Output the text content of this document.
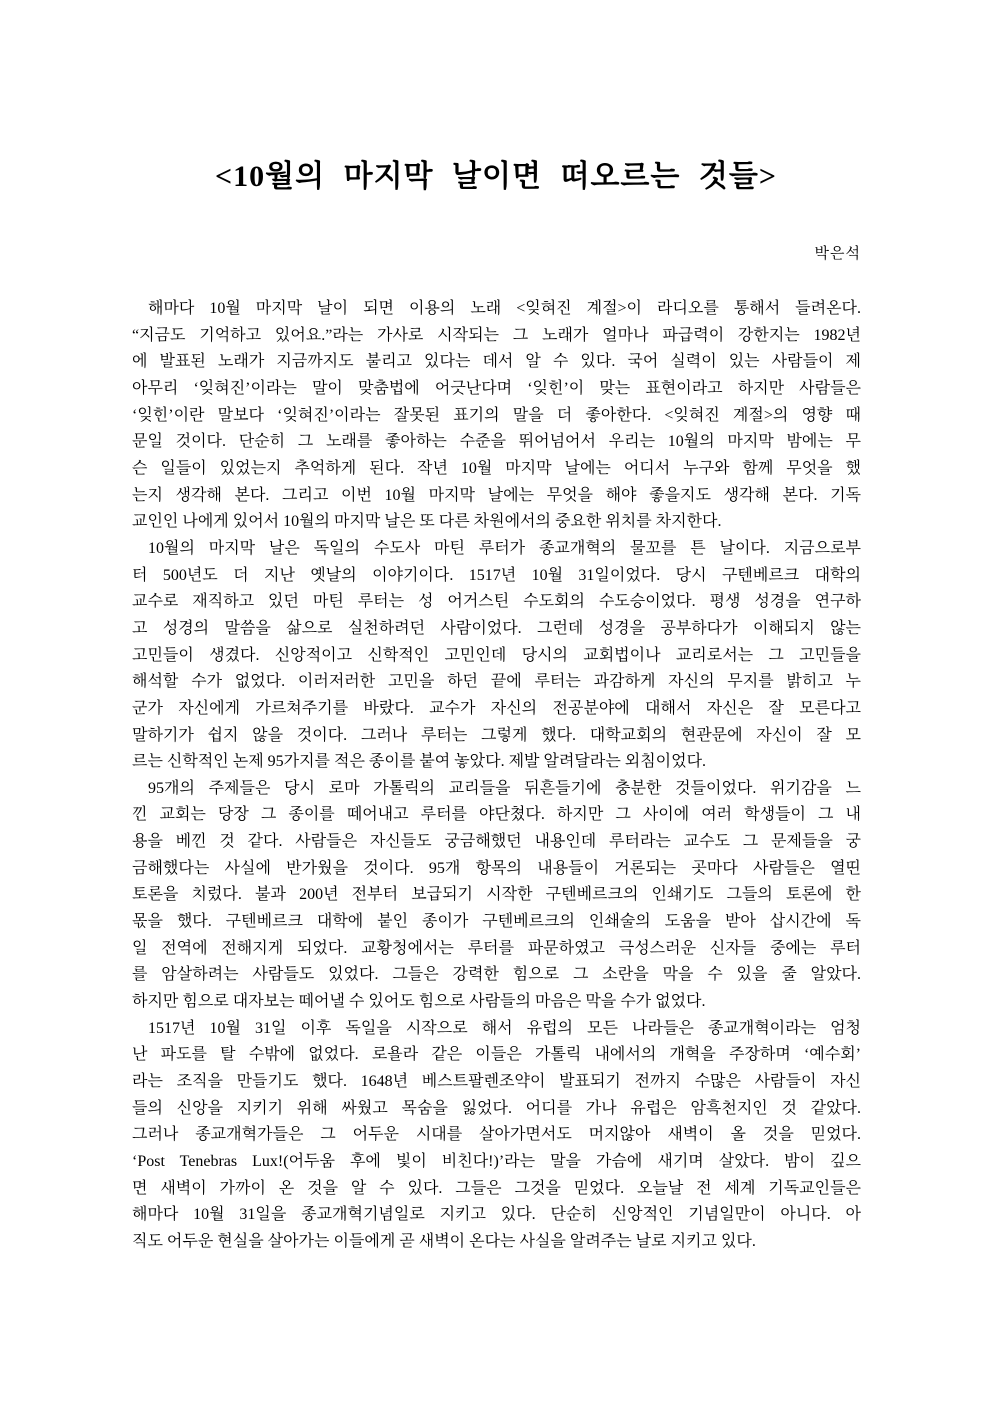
<10월의 마지막 날이면 떠오르는 것들>
박은석
해마다 10월 마지막 날이 되면 이용의 노래 <잊혀진 계절>이 라디오를 통해서 들려온다.
“지금도 기억하고 있어요.”라는 가사로 시작되는 그 노래가 얼마나 파급력이 강한지는 1982년
에 발표된 노래가 지금까지도 불리고 있다는 데서 알 수 있다. 국어 실력이 있는 사람들이 제
아무리 ‘잊혀진’이라는 말이 맞춤법에 어긋난다며 ‘잊힌’이 맞는 표현이라고 하지만 사람들은
‘잊힌’이란 말보다 ‘잊혀진’이라는 잘못된 표기의 말을 더 좋아한다. <잊혀진 계절>의 영향 때
문일 것이다. 단순히 그 노래를 좋아하는 수준을 뛰어넘어서 우리는 10월의 마지막 밤에는 무
슨 일들이 있었는지 추억하게 된다. 작년 10월 마지막 날에는 어디서 누구와 함께 무엇을 했
는지 생각해 본다. 그리고 이번 10월 마지막 날에는 무엇을 해야 좋을지도 생각해 본다. 기독
교인인 나에게 있어서 10월의 마지막 날은 또 다른 차원에서의 중요한 위치를 차지한다.
10월의 마지막 날은 독일의 수도사 마틴 루터가 종교개혁의 물꼬를 튼 날이다. 지금으로부
터 500년도 더 지난 옛날의 이야기이다. 1517년 10월 31일이었다. 당시 구텐베르크 대학의
교수로 재직하고 있던 마틴 루터는 성 어거스틴 수도회의 수도승이었다. 평생 성경을 연구하
고 성경의 말씀을 삶으로 실천하려던 사람이었다. 그런데 성경을 공부하다가 이해되지 않는
고민들이 생겼다. 신앙적이고 신학적인 고민인데 당시의 교회법이나 교리로서는 그 고민들을
해석할 수가 없었다. 이러저러한 고민을 하던 끝에 루터는 과감하게 자신의 무지를 밝히고 누
군가 자신에게 가르쳐주기를 바랐다. 교수가 자신의 전공분야에 대해서 자신은 잘 모른다고
말하기가 쉽지 않을 것이다. 그러나 루터는 그렇게 했다. 대학교회의 현관문에 자신이 잘 모
르는 신학적인 논제 95가지를 적은 종이를 붙여 놓았다. 제발 알려달라는 외침이었다.
95개의 주제들은 당시 로마 가톨릭의 교리들을 뒤흔들기에 충분한 것들이었다. 위기감을 느
낀 교회는 당장 그 종이를 떼어내고 루터를 야단쳤다. 하지만 그 사이에 여러 학생들이 그 내
용을 베낀 것 같다. 사람들은 자신들도 궁금해했던 내용인데 루터라는 교수도 그 문제들을 궁
금해했다는 사실에 반가웠을 것이다. 95개 항목의 내용들이 거론되는 곳마다 사람들은 열띤
토론을 치렀다. 불과 200년 전부터 보급되기 시작한 구텐베르크의 인쇄기도 그들의 토론에 한
몫을 했다. 구텐베르크 대학에 붙인 종이가 구텐베르크의 인쇄술의 도움을 받아 삽시간에 독
일 전역에 전해지게 되었다. 교황청에서는 루터를 파문하였고 극성스러운 신자들 중에는 루터
를 암살하려는 사람들도 있었다. 그들은 강력한 힘으로 그 소란을 막을 수 있을 줄 알았다.
하지만 힘으로 대자보는 떼어낼 수 있어도 힘으로 사람들의 마음은 막을 수가 없었다.
1517년 10월 31일 이후 독일을 시작으로 해서 유럽의 모든 나라들은 종교개혁이라는 엄청
난 파도를 탈 수밖에 없었다. 로욜라 같은 이들은 가톨릭 내에서의 개혁을 주장하며 ‘예수회’
라는 조직을 만들기도 했다. 1648년 베스트팔렌조약이 발표되기 전까지 수많은 사람들이 자신
들의 신앙을 지키기 위해 싸웠고 목숨을 잃었다. 어디를 가나 유럽은 암흑천지인 것 같았다.
그러나 종교개혁가들은 그 어두운 시대를 살아가면서도 머지않아 새벽이 올 것을 믿었다.
‘Post Tenebras Lux!(어두움 후에 빛이 비친다!)’라는 말을 가슴에 새기며 살았다. 밤이 깊으
면 새벽이 가까이 온 것을 알 수 있다. 그들은 그것을 믿었다. 오늘날 전 세계 기독교인들은
해마다 10월 31일을 종교개혁기념일로 지키고 있다. 단순히 신앙적인 기념일만이 아니다. 아
직도 어두운 현실을 살아가는 이들에게 곧 새벽이 온다는 사실을 알려주는 날로 지키고 있다.
